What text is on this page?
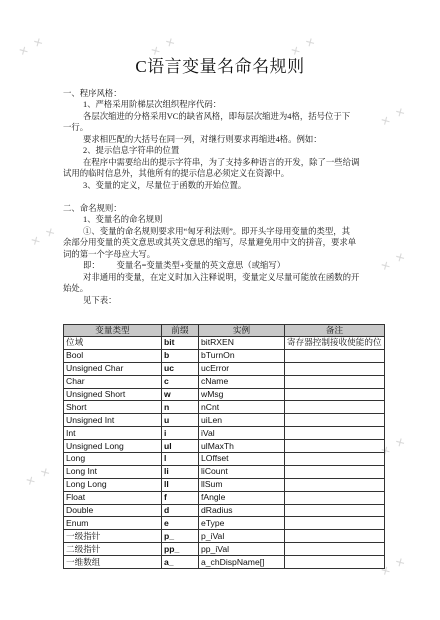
✕ ✕	✕ ✕	✕ ✕
✕ ✕
✕ ✕
✕ ✕
✕ ✕
✕ ✕
✕ ✕
C语言变量名命名规则
一、程序风格：
1、严格采用阶梯层次组织程序代码：
各层次缩进的分格采用VC的缺省风格，即每层次缩进为4格，括号位于下
一行。
要求相匹配的大括号在同一列，对继行则要求再缩进4格。例如：
2、提示信息字符串的位置
在程序中需要给出的提示字符串，为了支持多种语言的开发，除了一些给调
试用的临时信息外，其他所有的提示信息必须定义在资源中。
3、变量的定义，尽量位于函数的开始位置。
二、命名规则：
1、变量名的命名规则
①、变量的命名规则要求用“匈牙利法则”。即开头字母用变量的类型，其
余部分用变量的英文意思或其英文意思的缩写，尽量避免用中文的拼音，要求单
词的第一个字母应大写。
即：        变量名=变量类型+变量的英文意思（或缩写）
对非通用的变量，在定义时加入注释说明，变量定义尽量可能放在函数的开
始处。
见下表：
变量类型	前缀	实例	备注
位域	bit	bitRXEN	寄存器控制接收使能的位
Bool	b	bTurnOn	
Unsigned Char	uc	ucError	
Char	c	cName	
Unsigned Short	w	wMsg	
Short	n	nCnt	
Unsigned Int	u	uiLen	
Int	i	iVal	
Unsigned Long	ul	ulMaxTh	
Long	l	LOffset	
Long Int	li	liCount	
Long Long	ll	llSum	
Float	f	fAngle	
Double	d	dRadius	
Enum	e	eType	
一级指针	p_	p_iVal	
二级指针	pp_	pp_iVal	
一维数组	a_	a_chDispName[]	
